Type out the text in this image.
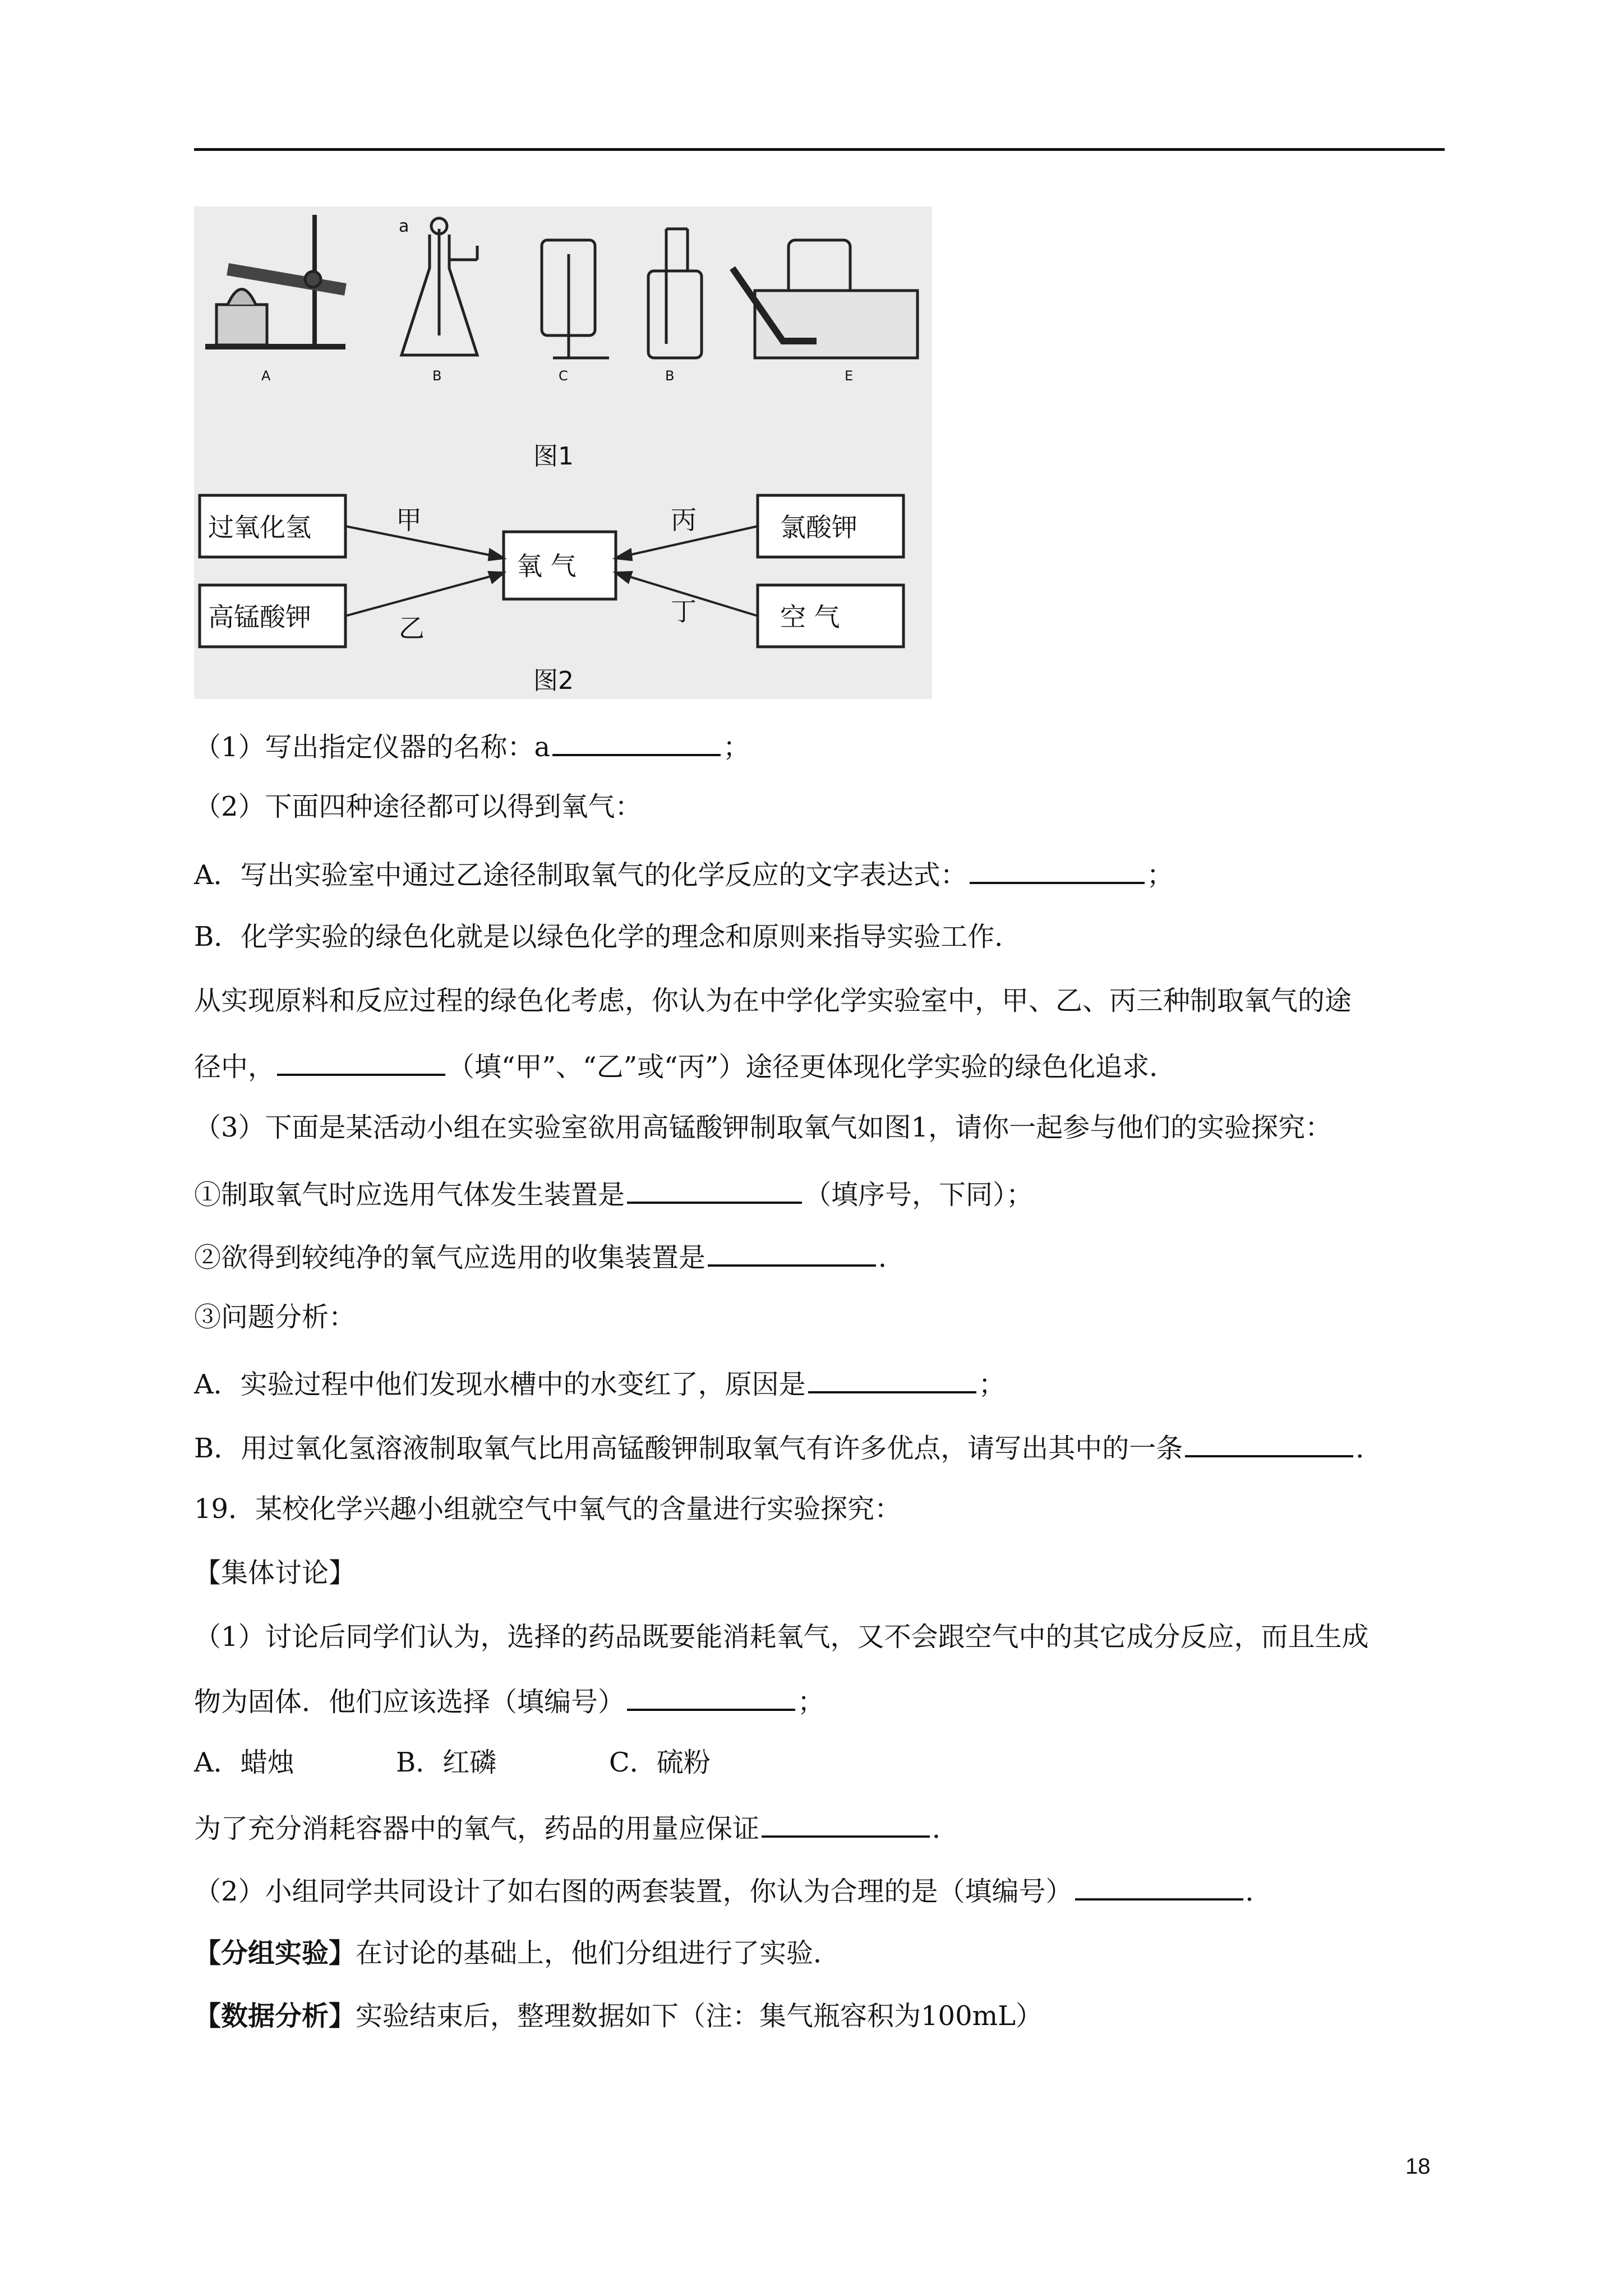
A	B	C	B	E
a
图1
过氧化氢
高锰酸钾
氧 气
氯酸钾
空 气
甲
乙
丙
丁
图2
（1）写出指定仪器的名称：a	；
（2）下面四种途径都可以得到氧气：
A．写出实验室中通过乙途径制取氧气的化学反应的文字表达式：	；
B．化学实验的绿色化就是以绿色化学的理念和原则来指导实验工作．
从实现原料和反应过程的绿色化考虑，你认为在中学化学实验室中，甲、乙、丙三种制取氧气的途
径中，	（填“甲”、“乙”或“丙”）途径更体现化学实验的绿色化追求．
（3）下面是某活动小组在实验室欲用高锰酸钾制取氧气如图1，请你一起参与他们的实验探究：
①制取氧气时应选用气体发生装置是	（填序号，下同）；
②欲得到较纯净的氧气应选用的收集装置是	．
③问题分析：
A．实验过程中他们发现水槽中的水变红了，原因是	；
B．用过氧化氢溶液制取氧气比用高锰酸钾制取氧气有许多优点，请写出其中的一条	．
19．某校化学兴趣小组就空气中氧气的含量进行实验探究：
【集体讨论】
（1）讨论后同学们认为，选择的药品既要能消耗氧气，又不会跟空气中的其它成分反应，而且生成
物为固体．他们应该选择（填编号）	；
A．蜡烛	B．红磷	C．硫粉
为了充分消耗容器中的氧气，药品的用量应保证	．
（2）小组同学共同设计了如右图的两套装置，你认为合理的是（填编号）	．
【分组实验】在讨论的基础上，他们分组进行了实验．
【数据分析】实验结束后，整理数据如下（注：集气瓶容积为100mL）
18
